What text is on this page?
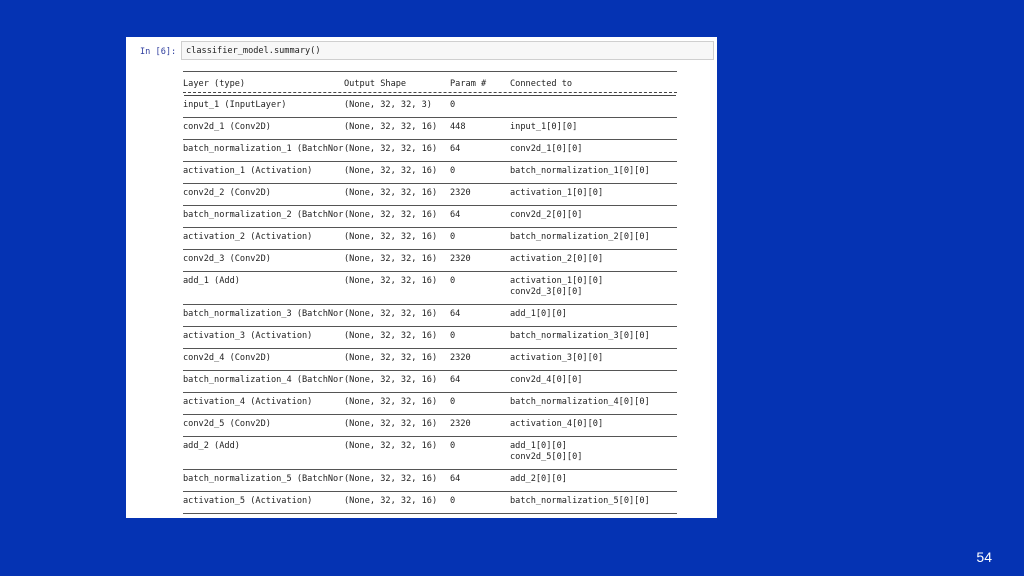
In [6]: classifier_model.summary()
Layer (type)	Output Shape	Param #	Connected to
input_1 (InputLayer)	(None, 32, 32, 3)	0
conv2d_1 (Conv2D)	(None, 32, 32, 16)	448	input_1[0][0]
batch_normalization_1 (BatchNor (None, 32, 32, 16)	64	conv2d_1[0][0]
activation_1 (Activation)	(None, 32, 32, 16)	0	batch_normalization_1[0][0]
conv2d_2 (Conv2D)	(None, 32, 32, 16)	2320	activation_1[0][0]
batch_normalization_2 (BatchNor (None, 32, 32, 16)	64	conv2d_2[0][0]
activation_2 (Activation)	(None, 32, 32, 16)	0	batch_normalization_2[0][0]
conv2d_3 (Conv2D)	(None, 32, 32, 16)	2320	activation_2[0][0]
add_1 (Add)	(None, 32, 32, 16)	0	activation_1[0][0]
conv2d_3[0][0]
batch_normalization_3 (BatchNor (None, 32, 32, 16)	64	add_1[0][0]
activation_3 (Activation)	(None, 32, 32, 16)	0	batch_normalization_3[0][0]
conv2d_4 (Conv2D)	(None, 32, 32, 16)	2320	activation_3[0][0]
batch_normalization_4 (BatchNor (None, 32, 32, 16)	64	conv2d_4[0][0]
activation_4 (Activation)	(None, 32, 32, 16)	0	batch_normalization_4[0][0]
conv2d_5 (Conv2D)	(None, 32, 32, 16)	2320	activation_4[0][0]
add_2 (Add)	(None, 32, 32, 16)	0	add_1[0][0]
conv2d_5[0][0]
batch_normalization_5 (BatchNor (None, 32, 32, 16)	64	add_2[0][0]
activation_5 (Activation)	(None, 32, 32, 16)	0	batch_normalization_5[0][0]
54
